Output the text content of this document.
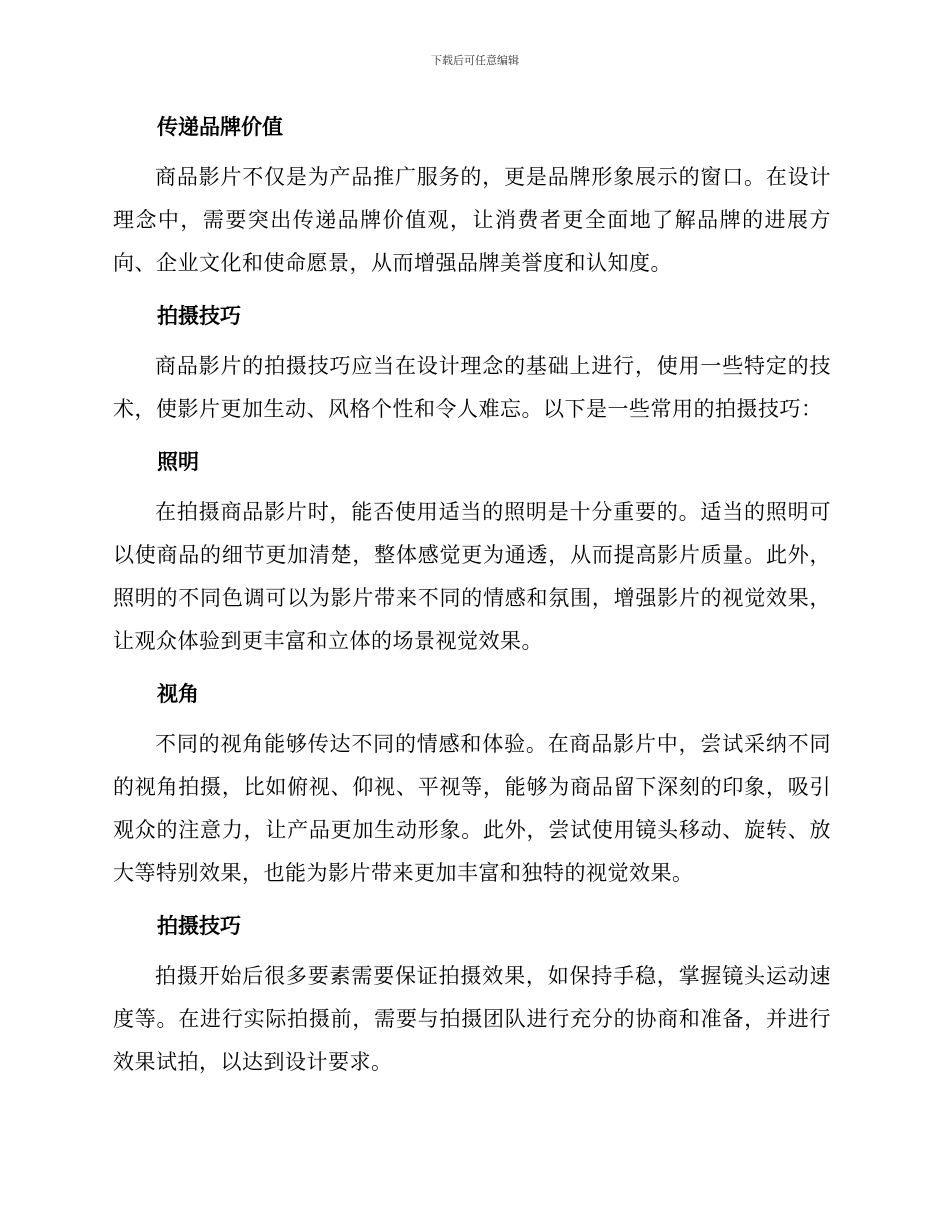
下载后可任意编辑
传递品牌价值

商品影片不仅是为产品推广服务的，更是品牌形象展示的窗口。在设计理念中，需要突出传递品牌价值观，让消费者更全面地了解品牌的进展方向、企业文化和使命愿景，从而增强品牌美誉度和认知度。

拍摄技巧

商品影片的拍摄技巧应当在设计理念的基础上进行，使用一些特定的技术，使影片更加生动、风格个性和令人难忘。以下是一些常用的拍摄技巧：

照明

在拍摄商品影片时，能否使用适当的照明是十分重要的。适当的照明可以使商品的细节更加清楚，整体感觉更为通透，从而提高影片质量。此外，照明的不同色调可以为影片带来不同的情感和氛围，增强影片的视觉效果，让观众体验到更丰富和立体的场景视觉效果。

视角

不同的视角能够传达不同的情感和体验。在商品影片中，尝试采纳不同的视角拍摄，比如俯视、仰视、平视等，能够为商品留下深刻的印象，吸引观众的注意力，让产品更加生动形象。此外，尝试使用镜头移动、旋转、放大等特别效果，也能为影片带来更加丰富和独特的视觉效果。

拍摄技巧

拍摄开始后很多要素需要保证拍摄效果，如保持手稳，掌握镜头运动速度等。在进行实际拍摄前，需要与拍摄团队进行充分的协商和准备，并进行效果试拍，以达到设计要求。
